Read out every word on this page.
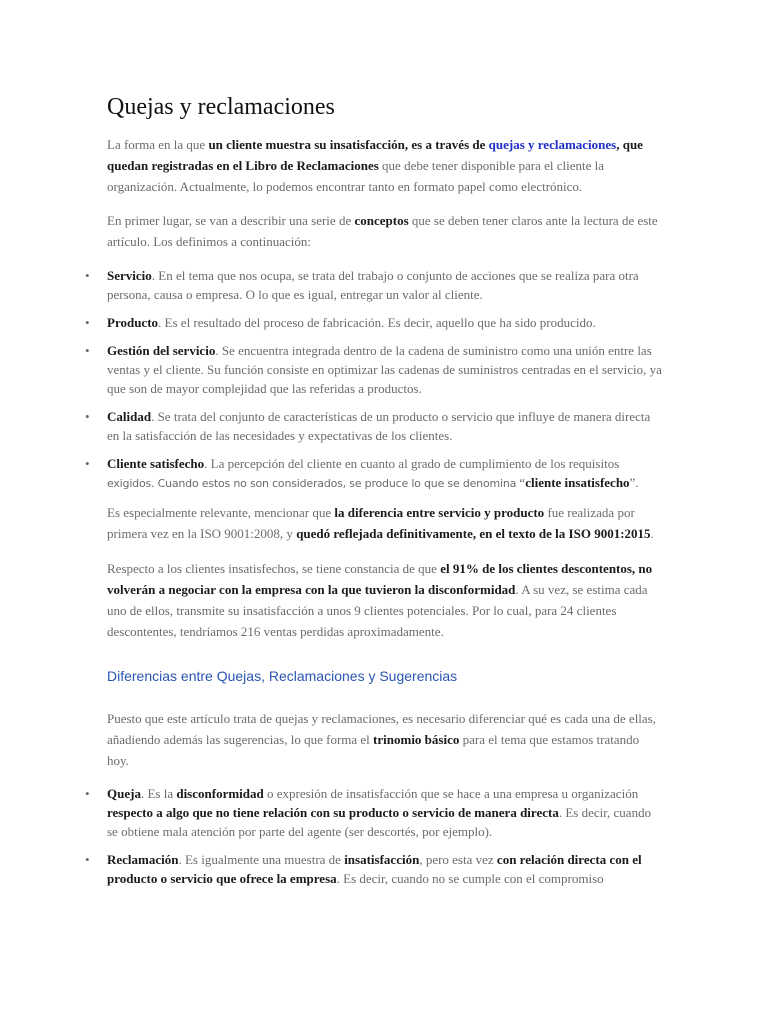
Quejas y reclamaciones

La forma en la que un cliente muestra su insatisfacción, es a través de quejas y reclamaciones, que quedan registradas en el Libro de Reclamaciones que debe tener disponible para el cliente la organización. Actualmente, lo podemos encontrar tanto en formato papel como electrónico.

En primer lugar, se van a describir una serie de conceptos que se deben tener claros ante la lectura de este artículo. Los definimos a continuación:

• Servicio. En el tema que nos ocupa, se trata del trabajo o conjunto de acciones que se realiza para otra persona, causa o empresa. O lo que es igual, entregar un valor al cliente.
• Producto. Es el resultado del proceso de fabricación. Es decir, aquello que ha sido producido.
• Gestión del servicio. Se encuentra integrada dentro de la cadena de suministro como una unión entre las ventas y el cliente. Su función consiste en optimizar las cadenas de suministros centradas en el servicio, ya que son de mayor complejidad que las referidas a productos.
• Calidad. Se trata del conjunto de características de un producto o servicio que influye de manera directa en la satisfacción de las necesidades y expectativas de los clientes.
• Cliente satisfecho. La percepción del cliente en cuanto al grado de cumplimiento de los requisitos exigidos. Cuando estos no son considerados, se produce lo que se denomina “cliente insatisfecho”.

Es especialmente relevante, mencionar que la diferencia entre servicio y producto fue realizada por primera vez en la ISO 9001:2008, y quedó reflejada definitivamente, en el texto de la ISO 9001:2015.

Respecto a los clientes insatisfechos, se tiene constancia de que el 91% de los clientes descontentos, no volverán a negociar con la empresa con la que tuvieron la disconformidad. A su vez, se estima cada uno de ellos, transmite su insatisfacción a unos 9 clientes potenciales. Por lo cual, para 24 clientes descontentes, tendríamos 216 ventas perdidas aproximadamente.

Diferencias entre Quejas, Reclamaciones y Sugerencias

Puesto que este artículo trata de quejas y reclamaciones, es necesario diferenciar qué es cada una de ellas, añadiendo además las sugerencias, lo que forma el trinomio básico para el tema que estamos tratando hoy.

• Queja. Es la disconformidad o expresión de insatisfacción que se hace a una empresa u organización respecto a algo que no tiene relación con su producto o servicio de manera directa. Es decir, cuando se obtiene mala atención por parte del agente (ser descortés, por ejemplo).
• Reclamación. Es igualmente una muestra de insatisfacción, pero esta vez con relación directa con el producto o servicio que ofrece la empresa. Es decir, cuando no se cumple con el compromiso
